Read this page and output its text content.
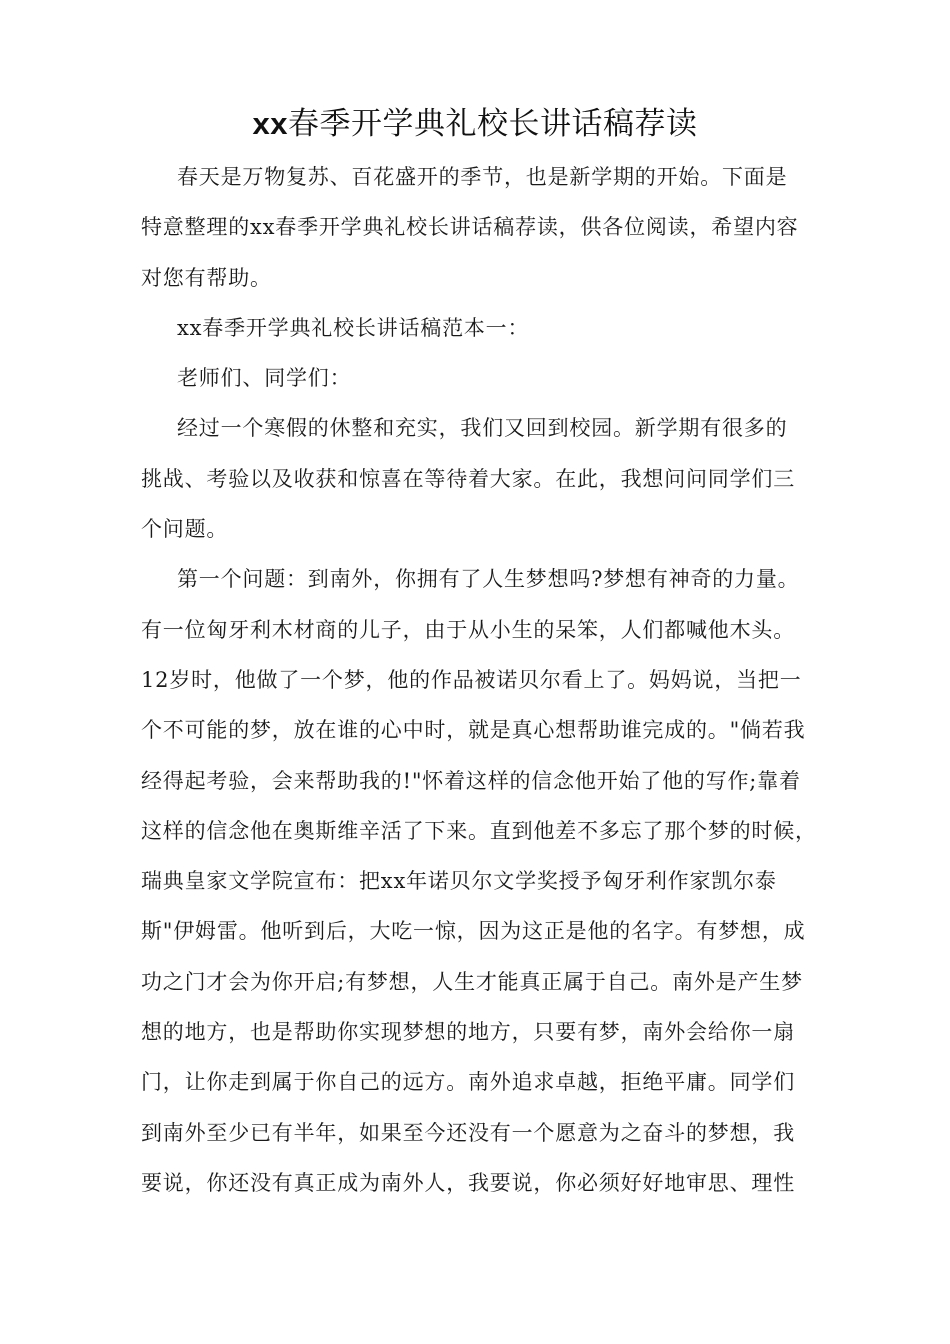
xx春季开学典礼校长讲话稿荐读
春天是万物复苏、百花盛开的季节，也是新学期的开始。下面是
特意整理的xx春季开学典礼校长讲话稿荐读，供各位阅读，希望内容
对您有帮助。
xx春季开学典礼校长讲话稿范本一：
老师们、同学们：
经过一个寒假的休整和充实，我们又回到校园。新学期有很多的
挑战、考验以及收获和惊喜在等待着大家。在此，我想问问同学们三
个问题。
第一个问题：到南外，你拥有了人生梦想吗?梦想有神奇的力量。
有一位匈牙利木材商的儿子，由于从小生的呆笨，人们都喊他木头。
12岁时，他做了一个梦，他的作品被诺贝尔看上了。妈妈说，当把一
个不可能的梦，放在谁的心中时，就是真心想帮助谁完成的。"倘若我
经得起考验，会来帮助我的!"怀着这样的信念他开始了他的写作;靠着
这样的信念他在奥斯维辛活了下来。直到他差不多忘了那个梦的时候，
瑞典皇家文学院宣布：把xx年诺贝尔文学奖授予匈牙利作家凯尔泰
斯"伊姆雷。他听到后，大吃一惊，因为这正是他的名字。有梦想，成
功之门才会为你开启;有梦想，人生才能真正属于自己。南外是产生梦
想的地方，也是帮助你实现梦想的地方，只要有梦，南外会给你一扇
门，让你走到属于你自己的远方。南外追求卓越，拒绝平庸。同学们
到南外至少已有半年，如果至今还没有一个愿意为之奋斗的梦想，我
要说，你还没有真正成为南外人，我要说，你必须好好地审思、理性
